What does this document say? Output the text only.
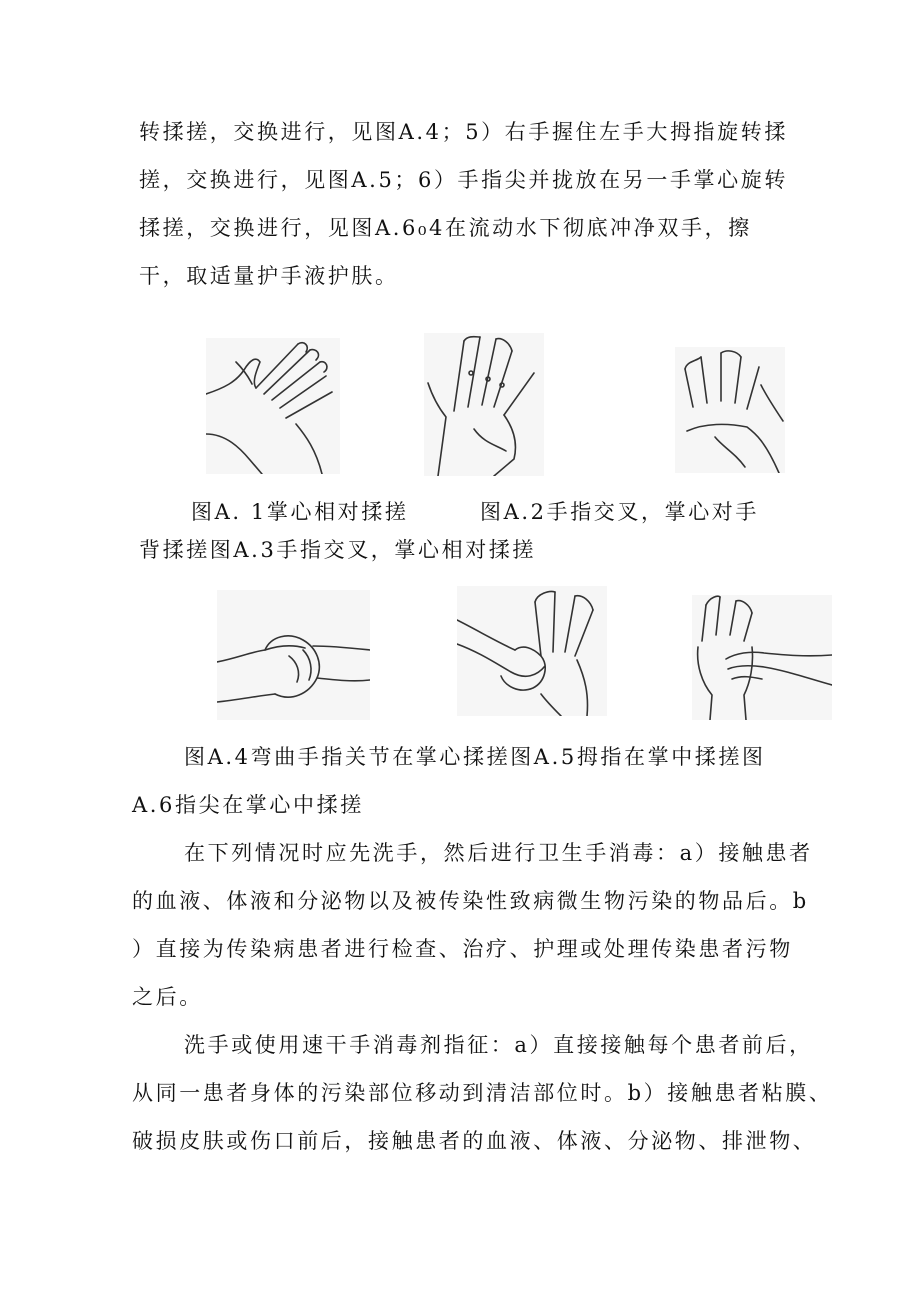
转揉搓，交换进行，见图A.4；5）右手握住左手大拇指旋转揉
搓，交换进行，见图A.5；6）手指尖并拢放在另一手掌心旋转
揉搓，交换进行，见图A.6₀4在流动水下彻底冲净双手，擦
干，取适量护手液护肤。
图A. 1掌心相对揉搓	图A.2手指交叉，掌心对手
背揉搓图A.3手指交叉，掌心相对揉搓
图A.4弯曲手指关节在掌心揉搓图A.5拇指在掌中揉搓图
A.6指尖在掌心中揉搓
在下列情况时应先洗手，然后进行卫生手消毒：a）接触患者
的血液、体液和分泌物以及被传染性致病微生物污染的物品后。b
）直接为传染病患者进行检查、治疗、护理或处理传染患者污物
之后。
洗手或使用速干手消毒剂指征：a）直接接触每个患者前后，
从同一患者身体的污染部位移动到清洁部位时。b）接触患者粘膜、
破损皮肤或伤口前后，接触患者的血液、体液、分泌物、排泄物、
